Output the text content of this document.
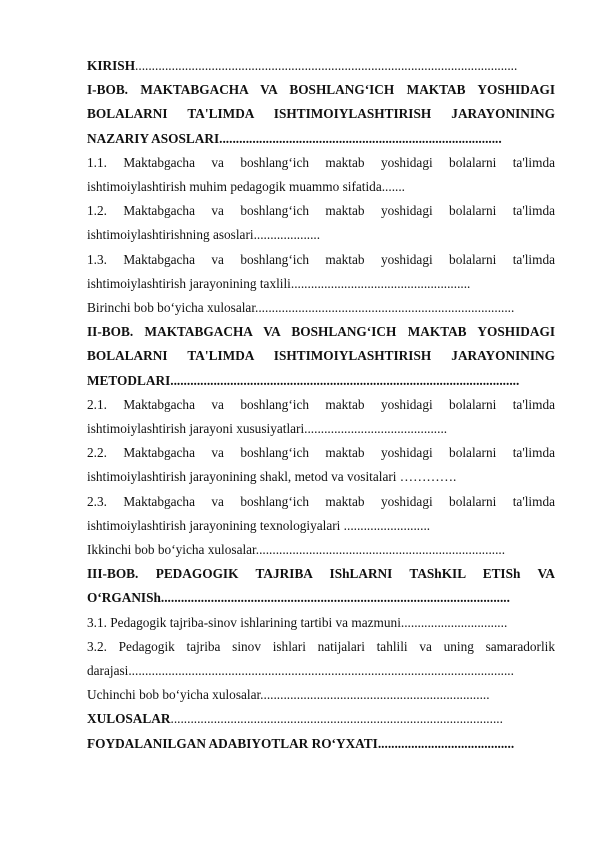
KIRISH...................................................................................................................
I-BOB. MAKTABGACHA VA BOSHLANG‘ICH MAKTAB YOSHIDAGI
BOLALARNI TA'LIMDA ISHTIMOIYLASHTIRISH JARAYONINING
NAZARIY ASOSLARI.....................................................................................
1.1. Maktabgacha va boshlang‘ich maktab yoshidagi bolalarni ta'limda
ishtimoiylashtirish muhim pedagogik muammo sifatida.......
1.2. Maktabgacha va boshlang‘ich maktab yoshidagi bolalarni ta'limda
ishtimoiylashtirishning asoslari....................
1.3. Maktabgacha va boshlang‘ich maktab yoshidagi bolalarni ta'limda
ishtimoiylashtirish jarayonining taxlili......................................................
Birinchi bob bo‘yicha xulosalar..............................................................................
II-BOB. MAKTABGACHA VA BOSHLANG‘ICH MAKTAB YOSHIDAGI
BOLALARNI TA'LIMDA ISHTIMOIYLASHTIRISH JARAYONINING
METODLARI.........................................................................................................
2.1. Maktabgacha va boshlang‘ich maktab yoshidagi bolalarni ta'limda
ishtimoiylashtirish jarayoni xususiyatlari...........................................
2.2. Maktabgacha va boshlang‘ich maktab yoshidagi bolalarni ta'limda
ishtimoiylashtirish jarayonining shakl, metod va vositalari ………….
2.3. Maktabgacha va boshlang‘ich maktab yoshidagi bolalarni ta'limda
ishtimoiylashtirish jarayonining texnologiyalari ..........................
Ikkinchi bob bo‘yicha xulosalar...........................................................................
III-BOB. PEDAGOGIK TAJRIBA IShLARNI TAShKIL ETISh VA
O‘RGANISh.........................................................................................................
3.1. Pedagogik tajriba-sinov ishlarining tartibi va mazmuni................................
3.2. Pedagogik tajriba sinov ishlari natijalari tahlili va uning samaradorlik
darajasi....................................................................................................................
Uchinchi bob bo‘yicha xulosalar.....................................................................
XULOSALAR....................................................................................................
FOYDALANILGAN ADABIYOTLAR RO‘YXATI.........................................
